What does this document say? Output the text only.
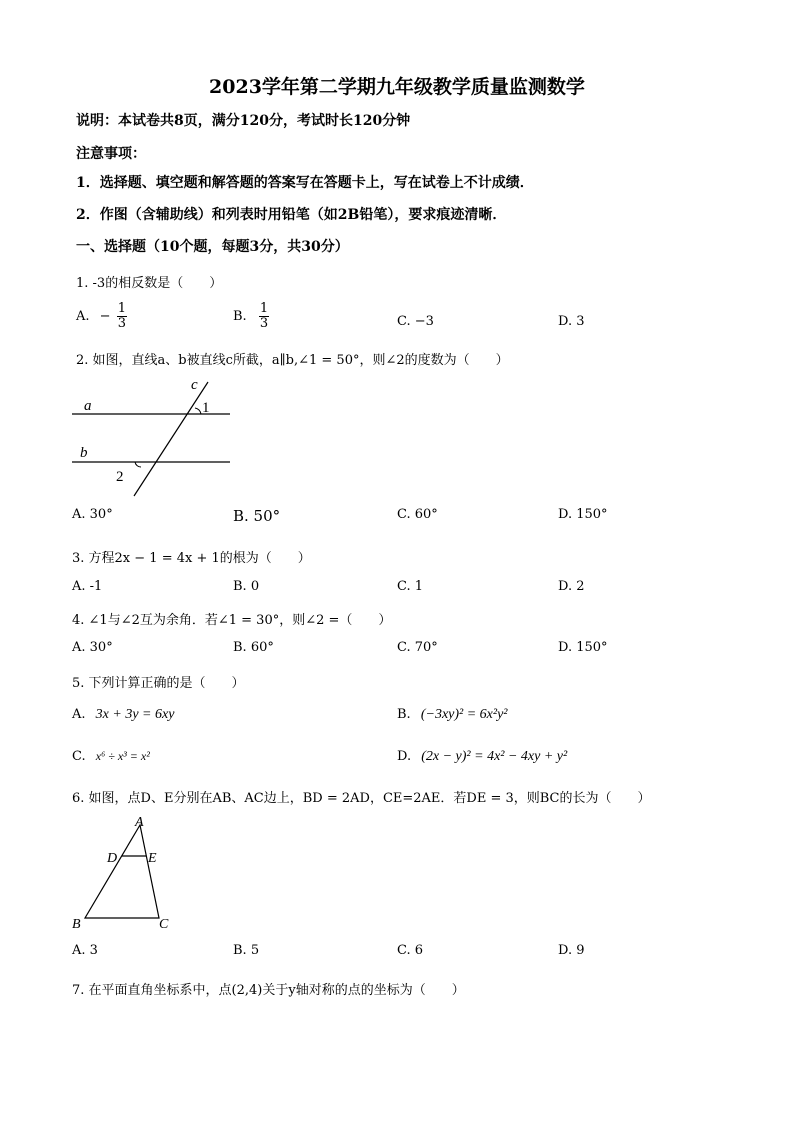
2023学年第二学期九年级教学质量监测数学
说明：本试卷共8页，满分120分，考试时长120分钟
注意事项：
1．选择题、填空题和解答题的答案写在答题卡上，写在试卷上不计成绩．
2．作图（含辅助线）和列表时用铅笔（如2B铅笔），要求痕迹清晰．
一、选择题（10个题，每题3分，共30分）
1. -3的相反数是（　　）
A. − $\frac{1}{3}$	B. $\frac{1}{3}$	C. −3	D. 3
2. 如图，直线a、b被直线c所截，a∥b,∠1 = 50°，则∠2的度数为（　　）
a
b
c
1
2
A. 30°	B. 50°	C. 60°	D. 150°
3. 方程2x − 1 = 4x + 1的根为（　　）
A. -1	B. 0	C. 1	D. 2
4. ∠1与∠2互为余角．若∠1 = 30°，则∠2 =（　　）
A. 30°	B. 60°	C. 70°	D. 150°
5. 下列计算正确的是（　　）
A. 3x + 3y = 6xy	B. (−3xy)² = 6x²y²
C. x⁶ ÷ x³ = x²	D. (2x − y)² = 4x² − 4xy + y²
6. 如图，点D、E分别在AB、AC边上，BD = 2AD，CE=2AE．若DE = 3，则BC的长为（　　）
A
D E
B	C
A. 3	B. 5	C. 6	D. 9
7. 在平面直角坐标系中，点(2,4)关于y轴对称的点的坐标为（　　）
